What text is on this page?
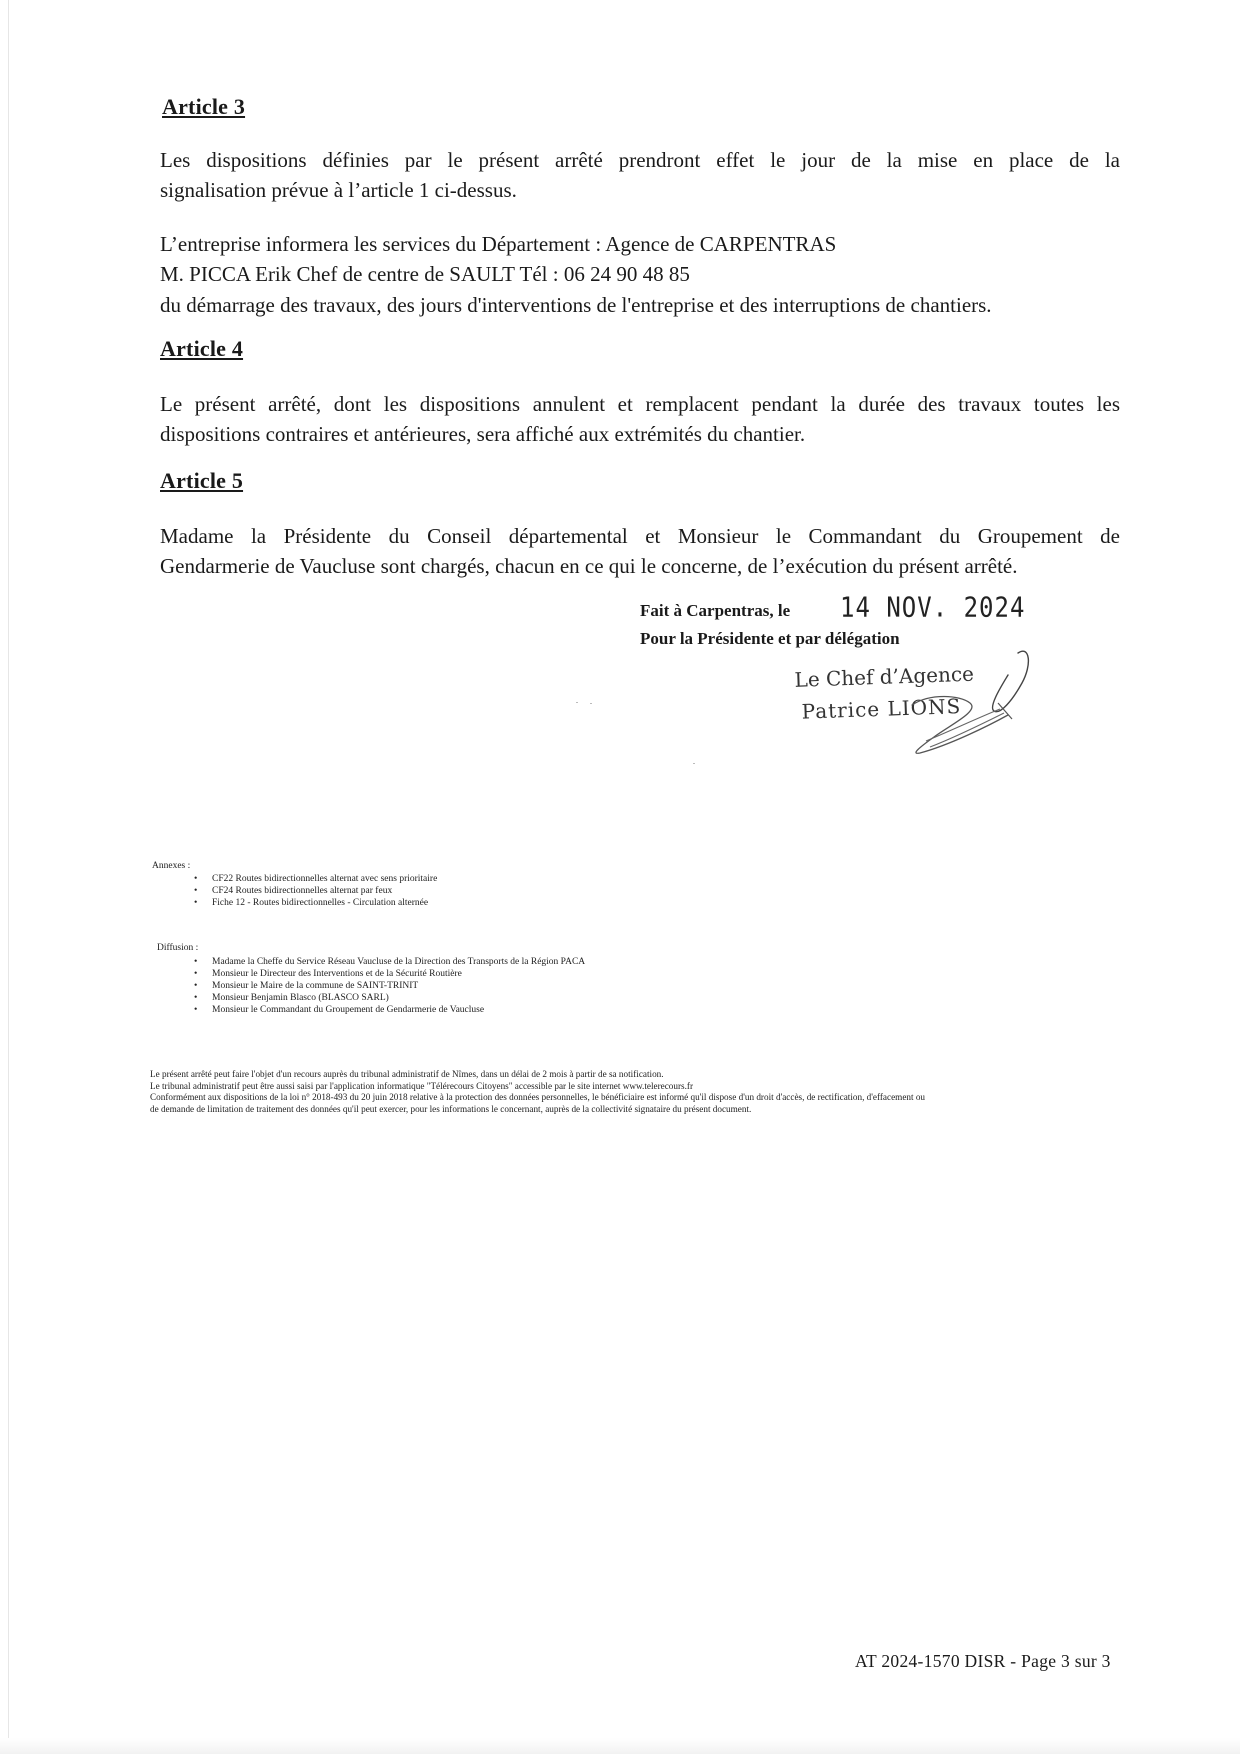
Article 3
Les dispositions définies par le présent arrêté prendront effet le jour de la mise en place de la
signalisation prévue à l’article 1 ci-dessus.
L’entreprise informera les services du Département : Agence de CARPENTRAS
M. PICCA Erik Chef de centre de SAULT Tél : 06 24 90 48 85
du démarrage des travaux, des jours d'interventions de l'entreprise et des interruptions de chantiers.
Article 4
Le présent arrêté, dont les dispositions annulent et remplacent pendant la durée des travaux toutes les
dispositions contraires et antérieures, sera affiché aux extrémités du chantier.
Article 5
Madame la Présidente du Conseil départemental et Monsieur le Commandant du Groupement de
Gendarmerie de Vaucluse sont chargés, chacun en ce qui le concerne, de l’exécution du présent arrêté.
Fait à Carpentras, le 14 NOV. 2024
Pour la Présidente et par délégation
Le Chef d’Agence
Patrice LIONS
Annexes :
• CF22 Routes bidirectionnelles alternat avec sens prioritaire
• CF24 Routes bidirectionnelles alternat par feux
• Fiche 12 - Routes bidirectionnelles - Circulation alternée
Diffusion :
• Madame la Cheffe du Service Réseau Vaucluse de la Direction des Transports de la Région PACA
• Monsieur le Directeur des Interventions et de la Sécurité Routière
• Monsieur le Maire de la commune de SAINT-TRINIT
• Monsieur Benjamin Blasco (BLASCO SARL)
• Monsieur le Commandant du Groupement de Gendarmerie de Vaucluse
Le présent arrêté peut faire l'objet d'un recours auprès du tribunal administratif de Nîmes, dans un délai de 2 mois à partir de sa notification.
Le tribunal administratif peut être aussi saisi par l'application informatique "Télérecours Citoyens" accessible par le site internet www.telerecours.fr
Conformément aux dispositions de la loi n° 2018-493 du 20 juin 2018 relative à la protection des données personnelles, le bénéficiaire est informé qu'il dispose d'un droit d'accès, de rectification, d'effacement ou
de demande de limitation de traitement des données qu'il peut exercer, pour les informations le concernant, auprès de la collectivité signataire du présent document.
AT 2024-1570 DISR - Page 3 sur 3
